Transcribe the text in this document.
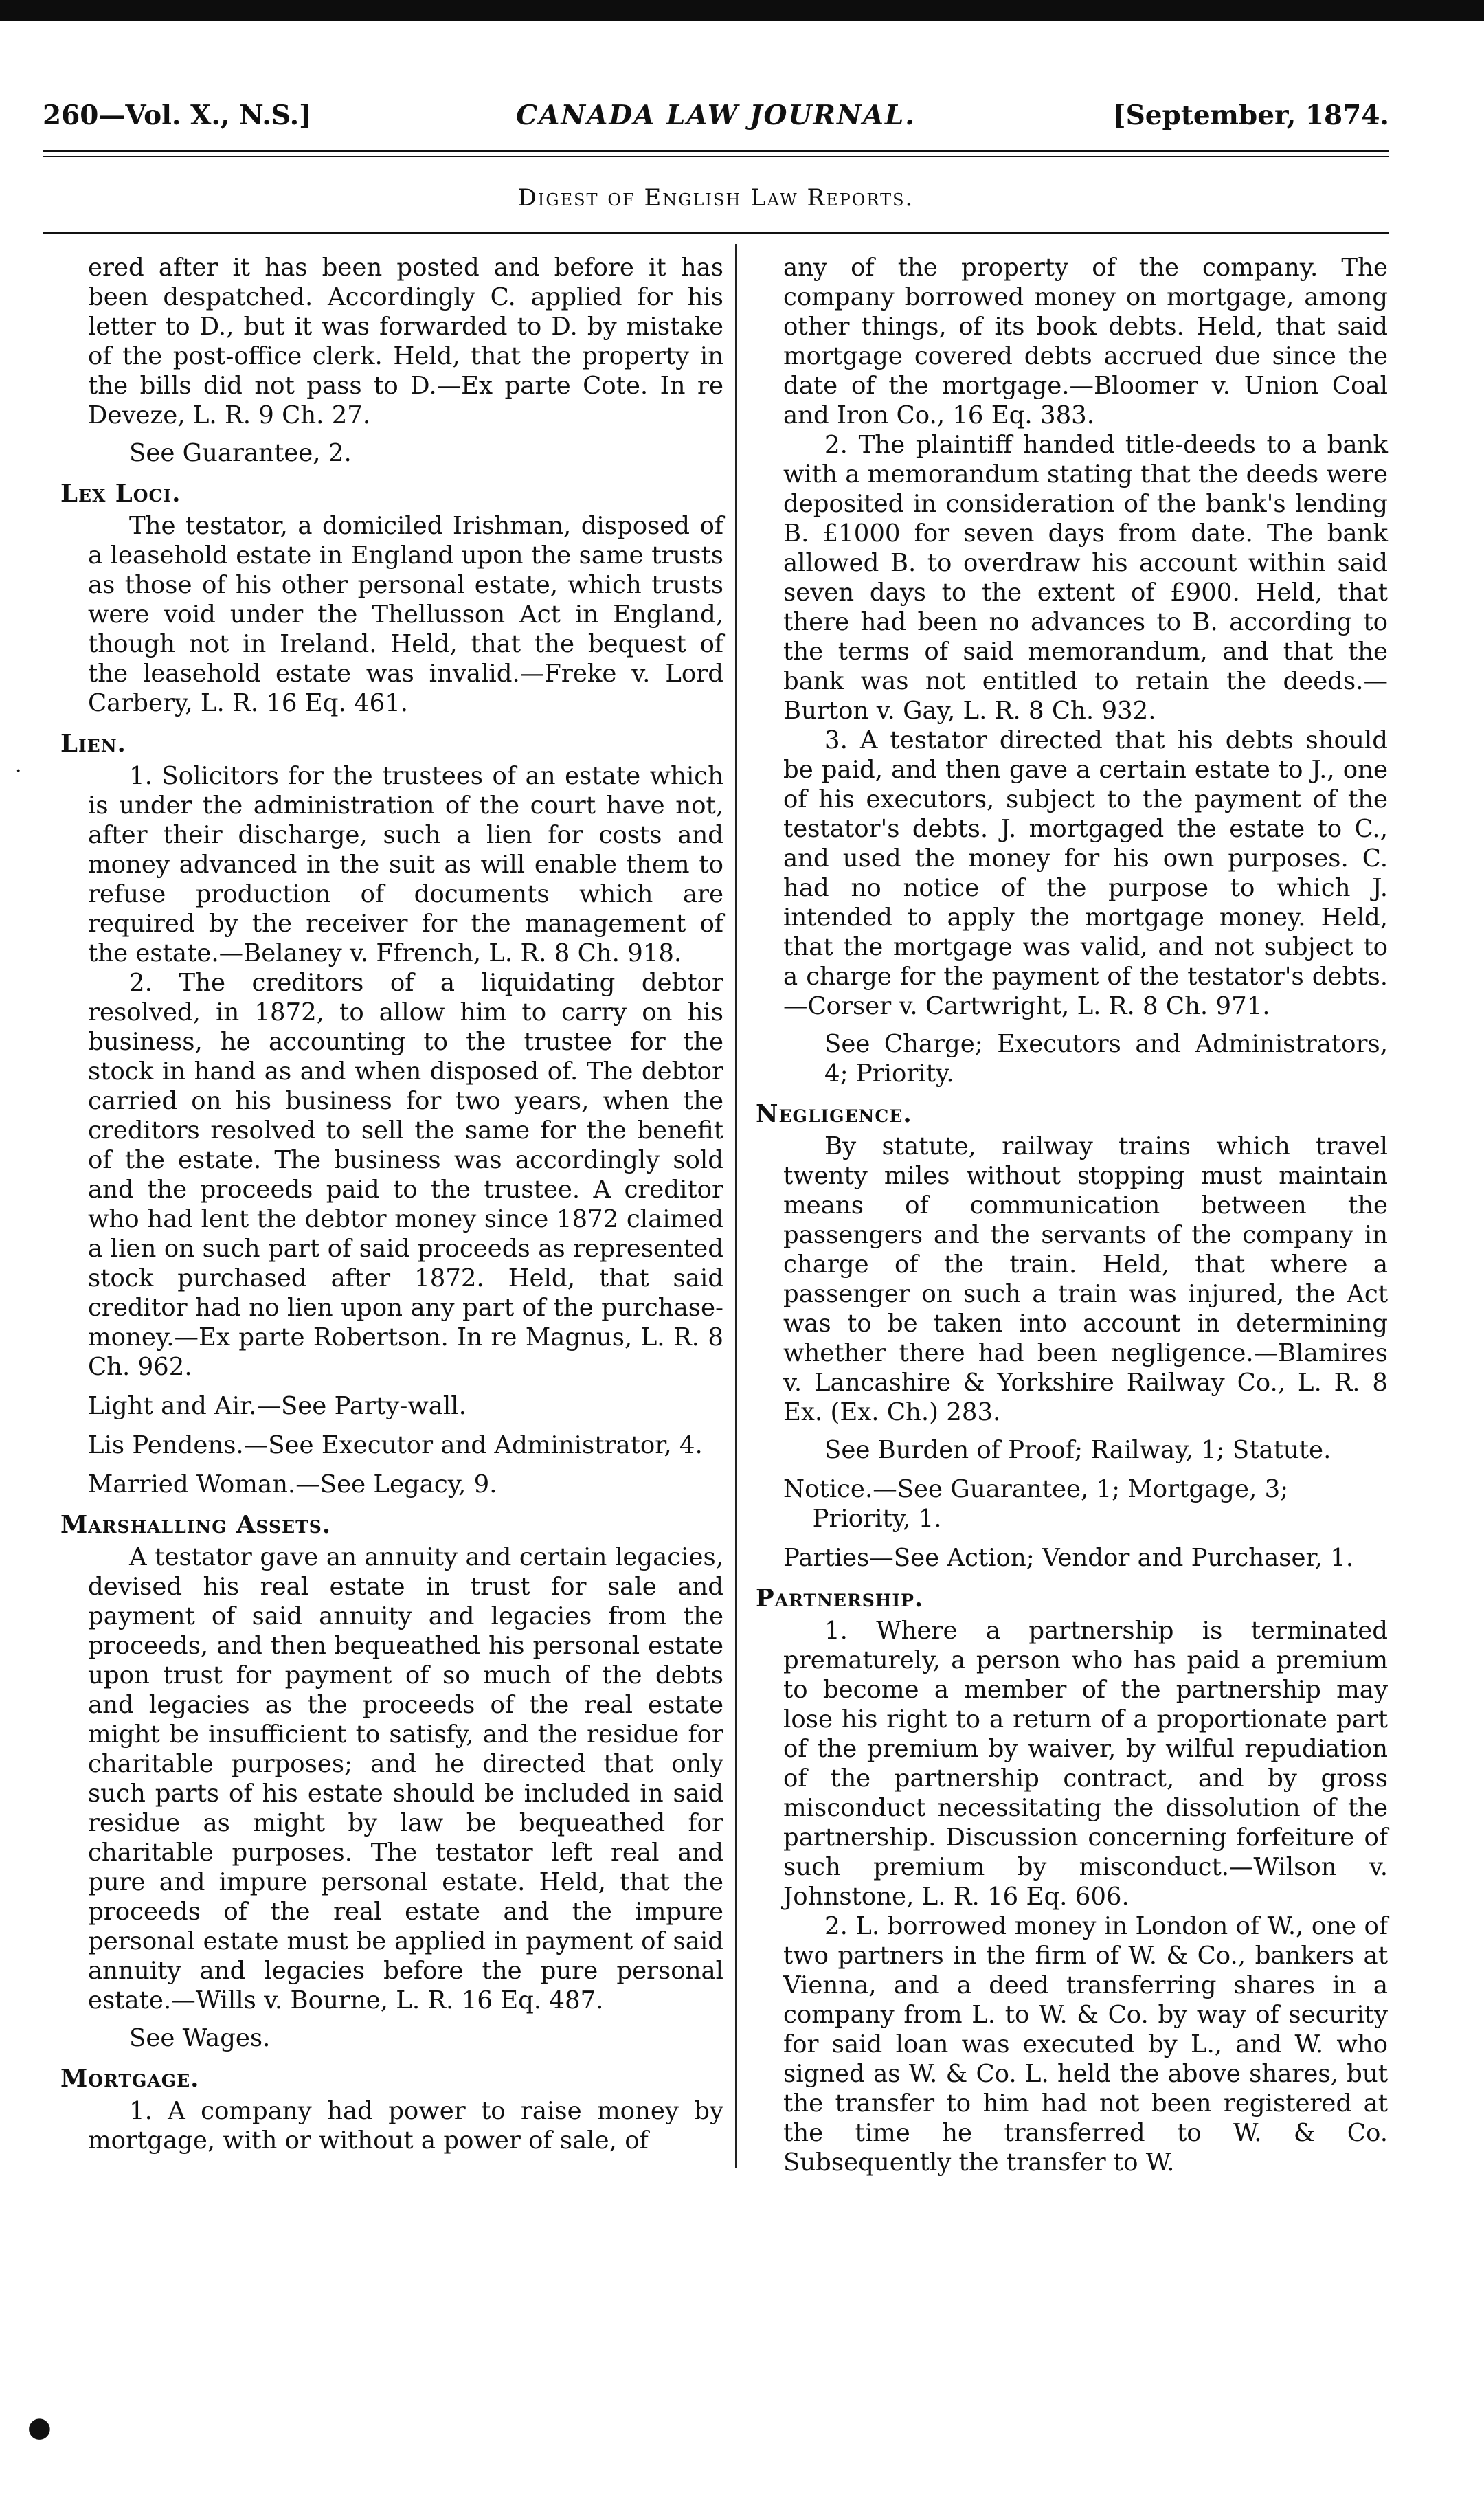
260—Vol. X., N.S.]	CANADA LAW JOURNAL.	[September, 1874.
Digest of English Law Reports.

ered after it has been posted and before it has been despatched. Accordingly C. applied for his letter to D., but it was forwarded to D. by mistake of the post-office clerk. Held, that the property in the bills did not pass to D.—Ex parte Cote. In re Deveze, L. R. 9 Ch. 27.

See Guarantee, 2.

Lex Loci.

The testator, a domiciled Irishman, disposed of a leasehold estate in England upon the same trusts as those of his other personal estate, which trusts were void under the Thellusson Act in England, though not in Ireland. Held, that the bequest of the leasehold estate was invalid.—Freke v. Lord Carbery, L. R. 16 Eq. 461.

Lien.

1. Solicitors for the trustees of an estate which is under the administration of the court have not, after their discharge, such a lien for costs and money advanced in the suit as will enable them to refuse production of documents which are required by the receiver for the management of the estate.—Belaney v. Ffrench, L. R. 8 Ch. 918.

2. The creditors of a liquidating debtor resolved, in 1872, to allow him to carry on his business, he accounting to the trustee for the stock in hand as and when disposed of. The debtor carried on his business for two years, when the creditors resolved to sell the same for the benefit of the estate. The business was accordingly sold and the proceeds paid to the trustee. A creditor who had lent the debtor money since 1872 claimed a lien on such part of said proceeds as represented stock purchased after 1872. Held, that said creditor had no lien upon any part of the purchase-money.—Ex parte Robertson. In re Magnus, L. R. 8 Ch. 962.

Light and Air.—See Party-wall.

Lis Pendens.—See Executor and Administrator, 4.

Married Woman.—See Legacy, 9.

Marshalling Assets.

A testator gave an annuity and certain legacies, devised his real estate in trust for sale and payment of said annuity and legacies from the proceeds, and then bequeathed his personal estate upon trust for payment of so much of the debts and legacies as the proceeds of the real estate might be insufficient to satisfy, and the residue for charitable purposes; and he directed that only such parts of his estate should be included in said residue as might by law be bequeathed for charitable purposes. The testator left real and pure and impure personal estate. Held, that the proceeds of the real estate and the impure personal estate must be applied in payment of said annuity and legacies before the pure personal estate.—Wills v. Bourne, L. R. 16 Eq. 487.

See Wages.

Mortgage.

1. A company had power to raise money by mortgage, with or without a power of sale, of

any of the property of the company. The company borrowed money on mortgage, among other things, of its book debts. Held, that said mortgage covered debts accrued due since the date of the mortgage.—Bloomer v. Union Coal and Iron Co., 16 Eq. 383.

2. The plaintiff handed title-deeds to a bank with a memorandum stating that the deeds were deposited in consideration of the bank's lending B. £1000 for seven days from date. The bank allowed B. to overdraw his account within said seven days to the extent of £900. Held, that there had been no advances to B. according to the terms of said memorandum, and that the bank was not entitled to retain the deeds.—Burton v. Gay, L. R. 8 Ch. 932.

3. A testator directed that his debts should be paid, and then gave a certain estate to J., one of his executors, subject to the payment of the testator's debts. J. mortgaged the estate to C., and used the money for his own purposes. C. had no notice of the purpose to which J. intended to apply the mortgage money. Held, that the mortgage was valid, and not subject to a charge for the payment of the testator's debts.—Corser v. Cartwright, L. R. 8 Ch. 971.

See Charge; Executors and Administrators, 4; Priority.

Negligence.

By statute, railway trains which travel twenty miles without stopping must maintain means of communication between the passengers and the servants of the company in charge of the train. Held, that where a passenger on such a train was injured, the Act was to be taken into account in determining whether there had been negligence.—Blamires v. Lancashire & Yorkshire Railway Co., L. R. 8 Ex. (Ex. Ch.) 283.

See Burden of Proof; Railway, 1; Statute.

Notice.—See Guarantee, 1; Mortgage, 3; Priority, 1.

Parties—See Action; Vendor and Purchaser, 1.

Partnership.

1. Where a partnership is terminated prematurely, a person who has paid a premium to become a member of the partnership may lose his right to a return of a proportionate part of the premium by waiver, by wilful repudiation of the partnership contract, and by gross misconduct necessitating the dissolution of the partnership. Discussion concerning forfeiture of such premium by misconduct.—Wilson v. Johnstone, L. R. 16 Eq. 606.

2. L. borrowed money in London of W., one of two partners in the firm of W. & Co., bankers at Vienna, and a deed transferring shares in a company from L. to W. & Co. by way of security for said loan was executed by L., and W. who signed as W. & Co. L. held the above shares, but the transfer to him had not been registered at the time he transferred to W. & Co. Subsequently the transfer to W.

·
●
